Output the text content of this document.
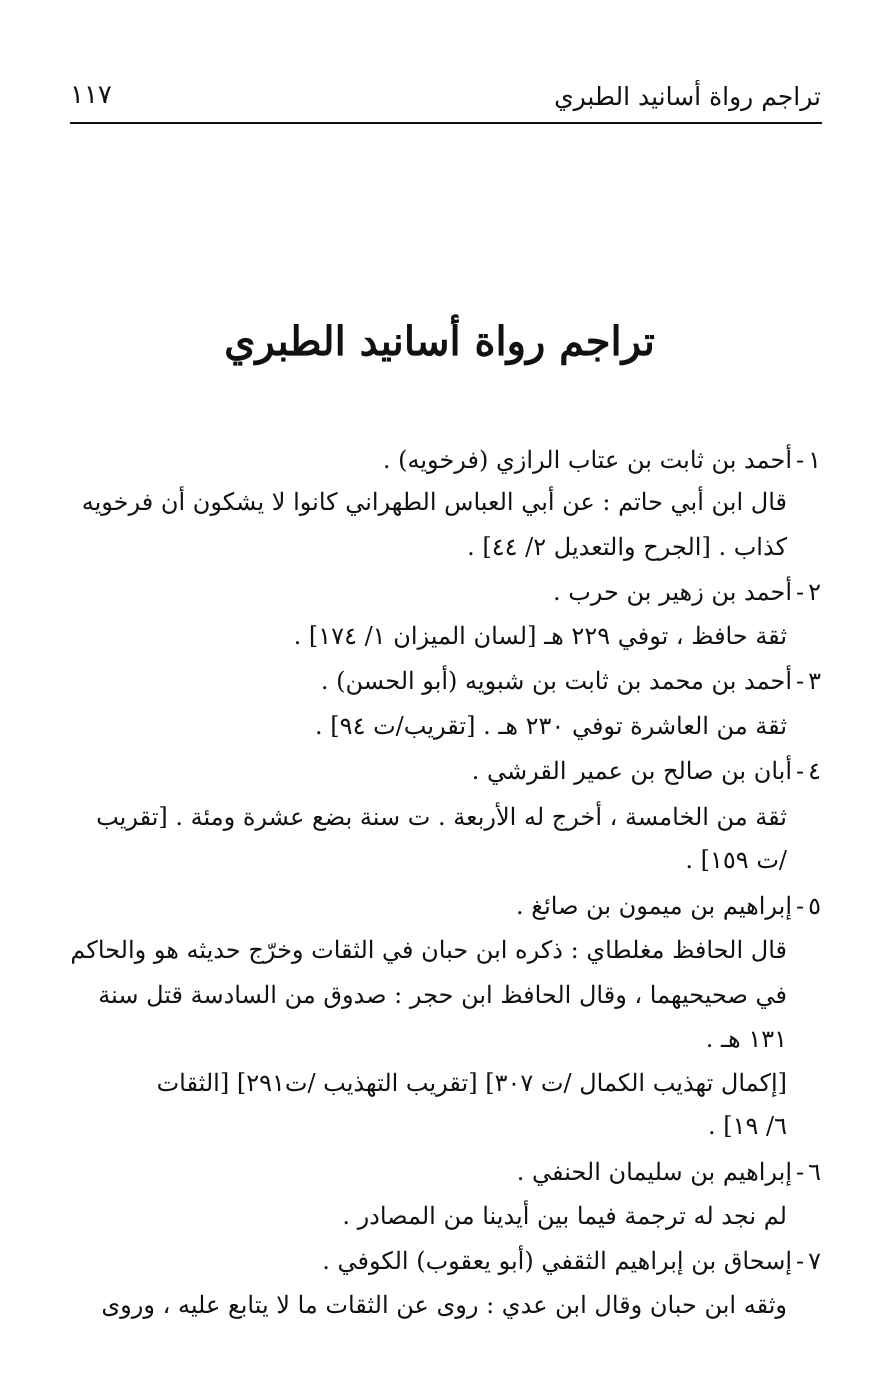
تراجم رواة أسانيد الطبري
١١٧
تراجم رواة أسانيد الطبري
١-أحمد بن ثابت بن عتاب الرازي (فرخويه) .
قال ابن أبي حاتم : عن أبي العباس الطهراني كانوا لا يشكون أن فرخويه
كذاب . [الجرح والتعديل ٢/ ٤٤] .
٢-أحمد بن زهير بن حرب .
ثقة حافظ ، توفي ٢٢٩ هـ [لسان الميزان ١/ ١٧٤] .
٣-أحمد بن محمد بن ثابت بن شبويه (أبو الحسن) .
ثقة من العاشرة توفي ٢٣٠ هـ . [تقريب/ت ٩٤] .
٤-أبان بن صالح بن عمير القرشي .
ثقة من الخامسة ، أخرج له الأربعة . ت سنة بضع عشرة ومئة . [تقريب
/ت ١٥٩] .
٥-إبراهيم بن ميمون بن صائغ .
قال الحافظ مغلطاي : ذكره ابن حبان في الثقات وخرّج حديثه هو والحاكم
في صحيحيهما ، وقال الحافظ ابن حجر : صدوق من السادسة قتل سنة
١٣١ هـ .
[إكمال تهذيب الكمال /ت ٣٠٧] [تقريب التهذيب /ت٢٩١] [الثقات
٦/ ١٩] .
٦-إبراهيم بن سليمان الحنفي .
لم نجد له ترجمة فيما بين أيدينا من المصادر .
٧-إسحاق بن إبراهيم الثقفي (أبو يعقوب) الكوفي .
وثقه ابن حبان وقال ابن عدي : روى عن الثقات ما لا يتابع عليه ، وروى
